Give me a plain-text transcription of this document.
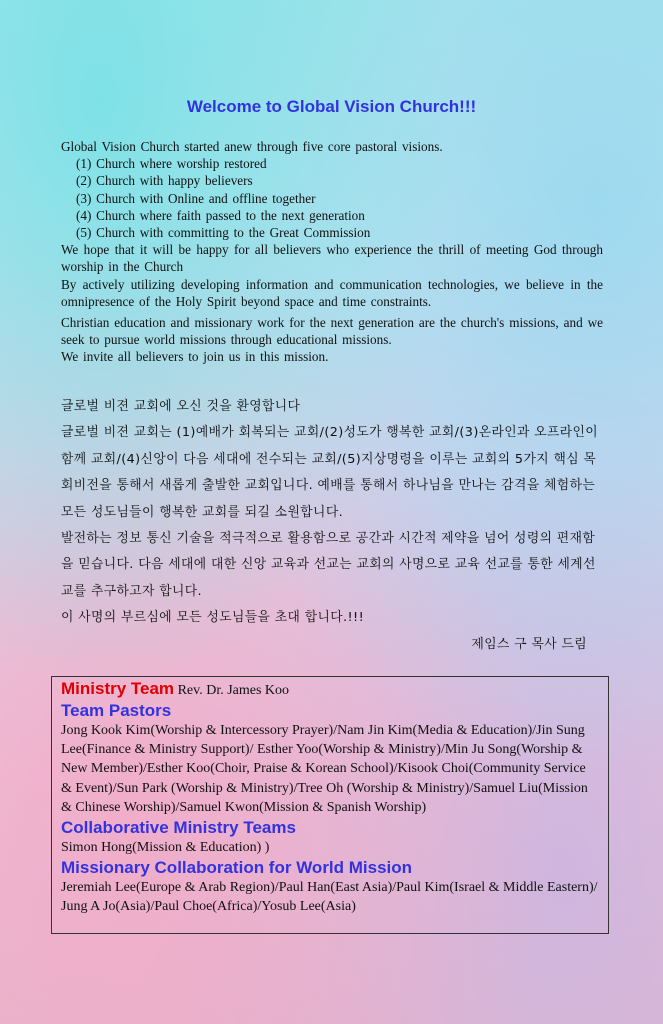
Welcome to Global Vision Church!!!

Global Vision Church started anew through five core pastoral visions.

(1) Church where worship restored

(2) Church with happy believers

(3) Church with Online and offline together

(4) Church where faith passed to the next generation

(5) Church with committing to the Great Commission

We hope that it will be happy for all believers who experience the thrill of meeting God through worship in the Church

By actively utilizing developing information and communication technologies, we believe in the omnipresence of the Holy Spirit beyond space and time constraints.

Christian education and missionary work for the next generation are the church's missions, and we seek to pursue world missions through educational missions.

We invite all believers to join us in this mission.

글로벌 비젼 교회에 오신 것을 환영합니다

글로벌 비젼 교회는 (1)예배가 회복되는 교회/(2)성도가 행복한 교회/(3)온라인과 오프라인이 함께 교회/(4)신앙이 다음 세대에 전수되는 교회/(5)지상명령을 이루는 교회의 5가지 핵심 목회비전을 통해서 새롭게 출발한 교회입니다. 예배를 통해서 하나님을 만나는 감격을 체험하는 모든 성도님들이 행복한 교회를 되길 소원합니다.

발전하는 정보 통신 기술을 적극적으로 활용함으로 공간과 시간적 제약을 넘어 성령의 편재함을 믿습니다. 다음 세대에 대한 신앙 교육과 선교는 교회의 사명으로 교육 선교를 통한 세계선교를 추구하고자 합니다.

이 사명의 부르심에 모든 성도님들을 초대 합니다.!!!

제임스 구 목사 드림

Ministry Team Rev. Dr. James Koo
Team Pastors
Jong Kook Kim(Worship & Intercessory Prayer)/Nam Jin Kim(Media & Education)/Jin Sung Lee(Finance & Ministry Support)/ Esther Yoo(Worship & Ministry)/Min Ju Song(Worship & New Member)/Esther Koo(Choir, Praise & Korean School)/Kisook Choi(Community Service & Event)/Sun Park (Worship & Ministry)/Tree Oh (Worship & Ministry)/Samuel Liu(Mission & Chinese Worship)/Samuel Kwon(Mission & Spanish Worship)
Collaborative Ministry Teams
Simon Hong(Mission & Education) )
Missionary Collaboration for World Mission
Jeremiah Lee(Europe & Arab Region)/Paul Han(East Asia)/Paul Kim(Israel & Middle Eastern)/ Jung A Jo(Asia)/Paul Choe(Africa)/Yosub Lee(Asia)
